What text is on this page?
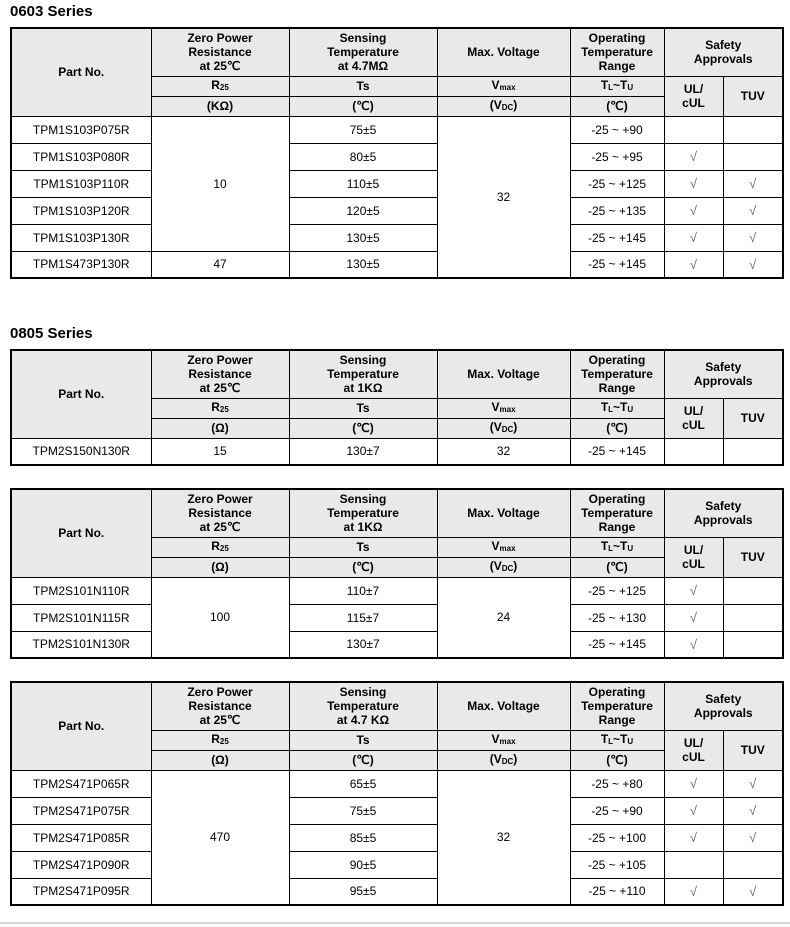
0603 Series
Part No.	Zero Power
Resistance
at 25℃	Sensing
Temperature
at 4.7MΩ	Max. Voltage	Operating
Temperature
Range	Safety
Approvals	
	R25	Ts	Vmax	TL~TU	UL/
cUL	TUV
	(KΩ)	(℃)	(VDC)	(℃)		
TPM1S103P075R	10	75±5	32	-25 ~ +90		
TPM1S103P080R		80±5		-25 ~ +95	√	
TPM1S103P110R		110±5		-25 ~ +125	√	√
TPM1S103P120R		120±5		-25 ~ +135	√	√
TPM1S103P130R		130±5		-25 ~ +145	√	√
TPM1S473P130R	47	130±5		-25 ~ +145	√	√
0805 Series
Part No.	Zero Power
Resistance
at 25℃	Sensing
Temperature
at 1KΩ	Max. Voltage	Operating
Temperature
Range	Safety
Approvals	
	R25	Ts	Vmax	TL~TU	UL/
cUL	TUV
	(Ω)	(℃)	(VDC)	(℃)		
TPM2S150N130R	15	130±7	32	-25 ~ +145		
Part No.	Zero Power
Resistance
at 25℃	Sensing
Temperature
at 1KΩ	Max. Voltage	Operating
Temperature
Range	Safety
Approvals	
	R25	Ts	Vmax	TL~TU	UL/
cUL	TUV
	(Ω)	(℃)	(VDC)	(℃)		
TPM2S101N110R	100	110±7	24	-25 ~ +125	√	
TPM2S101N115R		115±7		-25 ~ +130	√	
TPM2S101N130R		130±7		-25 ~ +145	√	
Part No.	Zero Power
Resistance
at 25℃	Sensing
Temperature
at 4.7 KΩ	Max. Voltage	Operating
Temperature
Range	Safety
Approvals	
	R25	Ts	Vmax	TL~TU	UL/
cUL	TUV
	(Ω)	(℃)	(VDC)	(℃)		
TPM2S471P065R	470	65±5	32	-25 ~ +80	√	√
TPM2S471P075R		75±5		-25 ~ +90	√	√
TPM2S471P085R		85±5		-25 ~ +100	√	√
TPM2S471P090R		90±5		-25 ~ +105		
TPM2S471P095R		95±5		-25 ~ +110	√	√
